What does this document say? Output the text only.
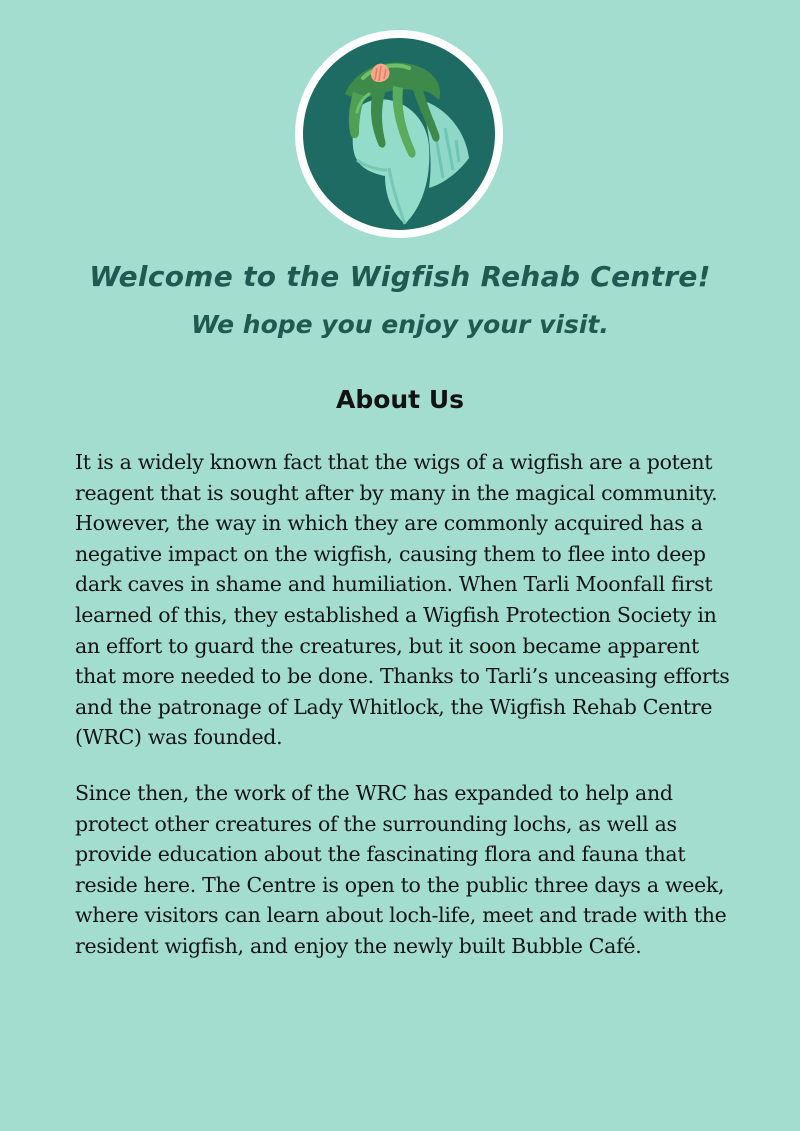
Welcome to the Wigfish Rehab Centre!
We hope you enjoy your visit.
About Us

It is a widely known fact that the wigs of a wigfish are a potent reagent that is sought after by many in the magical community. However, the way in which they are commonly acquired has a negative impact on the wigfish, causing them to flee into deep dark caves in shame and humiliation. When Tarli Moonfall first learned of this, they established a Wigfish Protection Society in an effort to guard the creatures, but it soon became apparent that more needed to be done. Thanks to Tarli’s unceasing efforts and the patronage of Lady Whitlock, the Wigfish Rehab Centre (WRC) was founded.

Since then, the work of the WRC has expanded to help and protect other creatures of the surrounding lochs, as well as provide education about the fascinating flora and fauna that reside here. The Centre is open to the public three days a week, where visitors can learn about loch-life, meet and trade with the resident wigfish, and enjoy the newly built Bubble Café.
